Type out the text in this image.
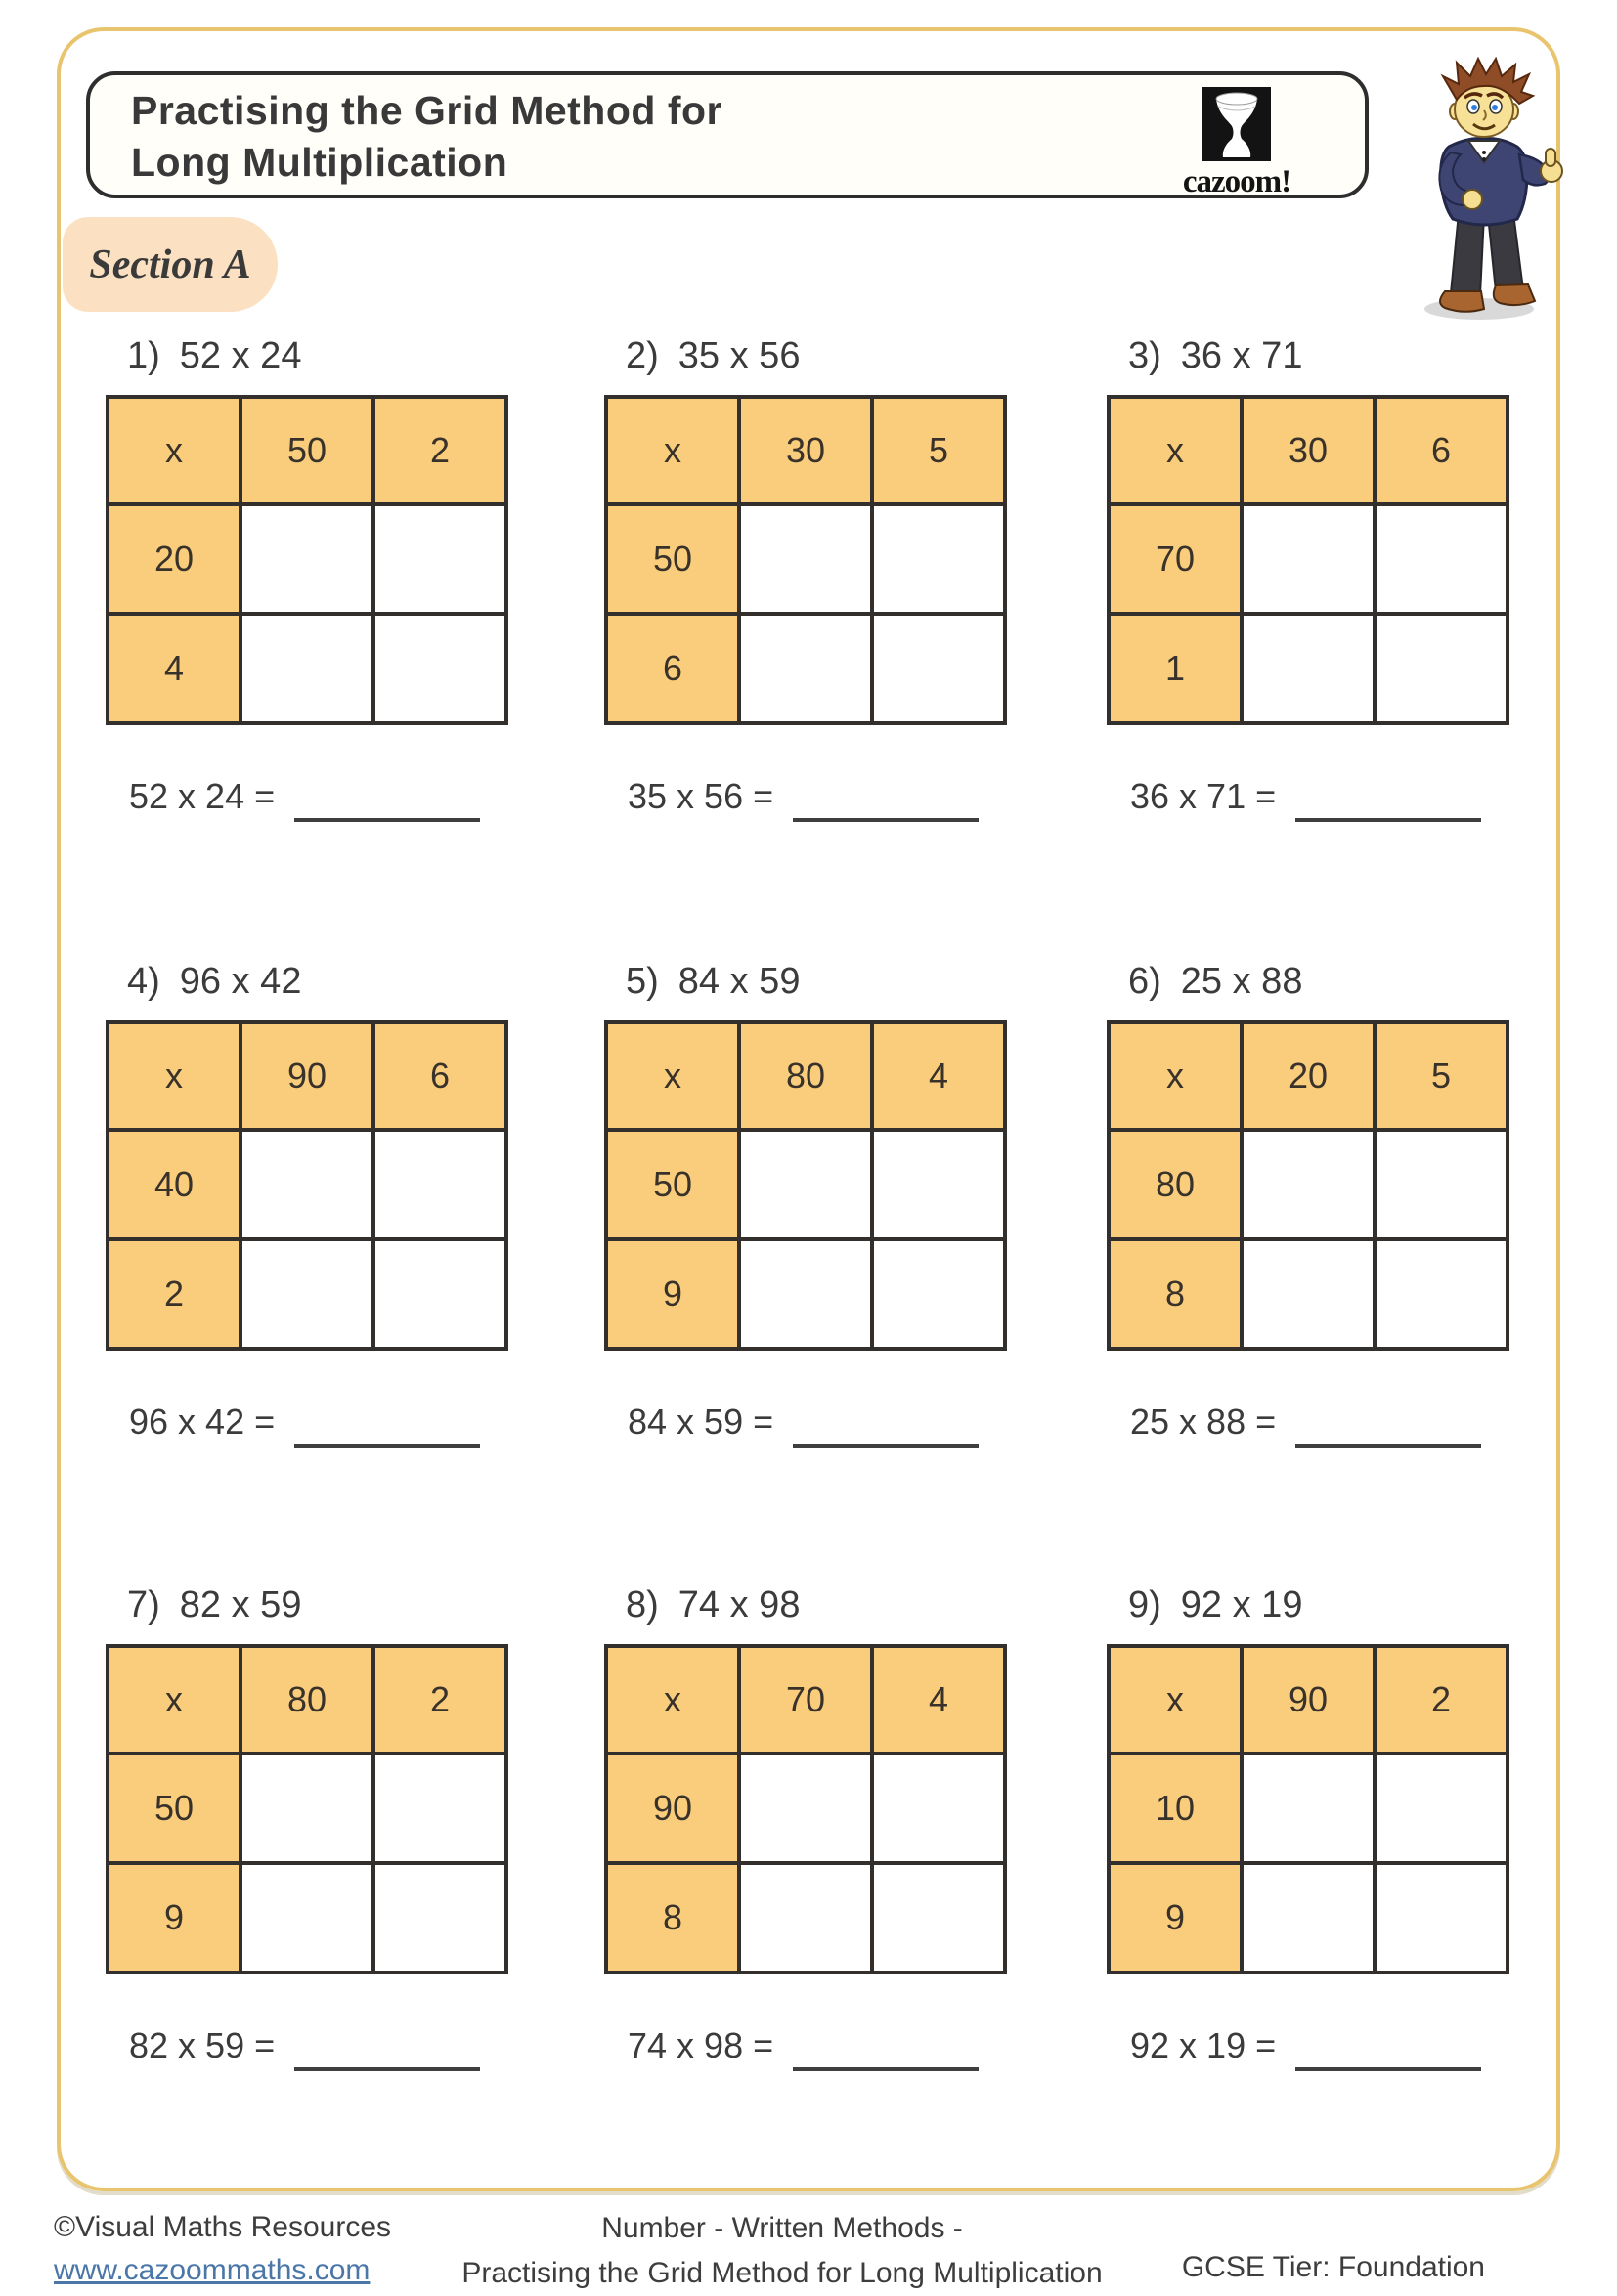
Practising the Grid Method for
Long Multiplication	cazoom!
Section A
1) 52 x 24
x	50	2
20		
4		
52 x 24 =
2) 35 x 56
x	30	5
50		
6		
35 x 56 =
3) 36 x 71
x	30	6
70		
1		
36 x 71 =
4) 96 x 42
x	90	6
40		
2		
96 x 42 =
5) 84 x 59
x	80	4
50		
9		
84 x 59 =
6) 25 x 88
x	20	5
80		
8		
25 x 88 =
7) 82 x 59
x	80	2
50		
9		
82 x 59 =
8) 74 x 98
x	70	4
90		
8		
74 x 98 =
9) 92 x 19
x	90	2
10		
9		
92 x 19 =
©Visual Maths Resources
www.cazoommaths.com
Number - Written Methods -
Practising the Grid Method for Long Multiplication	GCSE Tier: Foundation
